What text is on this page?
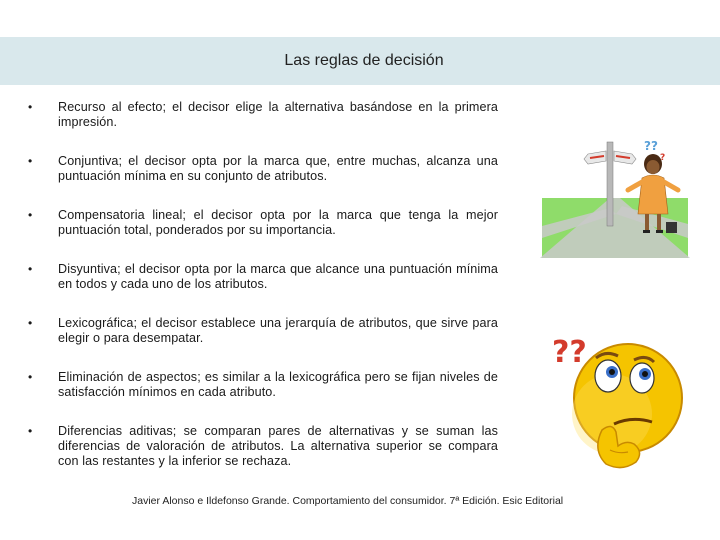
Las reglas de decisión
• Recurso al efecto; el decisor elige la alternativa basándose en la primera impresión.
• Conjuntiva; el decisor opta por la marca que, entre muchas, alcanza una puntuación mínima en su conjunto de atributos.
• Compensatoria lineal; el decisor opta por la marca que tenga la mejor puntuación total, ponderados por su importancia.
• Disyuntiva; el decisor opta por la marca que alcance una puntuación mínima en todos y cada uno de los atributos.
• Lexicográfica; el decisor establece una jerarquía de atributos, que sirve para elegir o para desempatar.
• Eliminación de aspectos; es similar a la lexicográfica pero se fijan niveles de satisfacción mínimos en cada atributo.
• Diferencias aditivas; se comparan pares de alternativas y se suman las diferencias de valoración de atributos. La alternativa superior se compara con las restantes y la inferior se rechaza.
??
?
??
Javier Alonso e Ildefonso Grande. Comportamiento del consumidor. 7ª Edición. Esic Editorial
